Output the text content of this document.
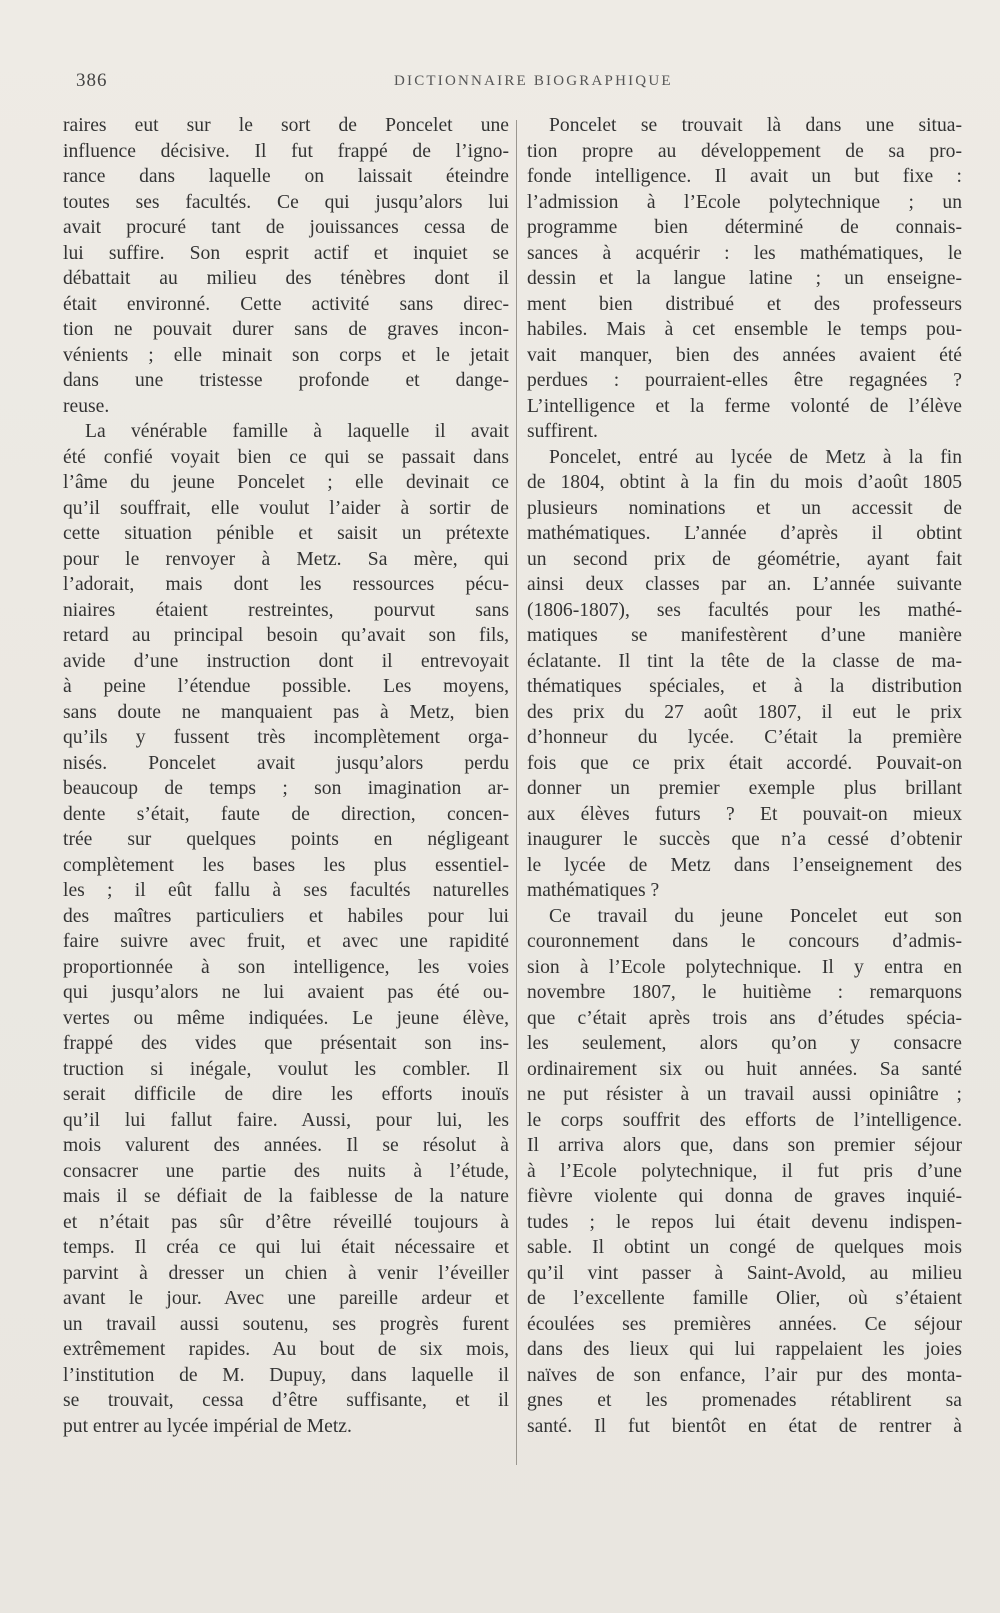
386	DICTIONNAIRE BIOGRAPHIQUE
raires eut sur le sort de Poncelet une
influence décisive. Il fut frappé de l’igno-
rance dans laquelle on laissait éteindre
toutes ses facultés. Ce qui jusqu’alors lui
avait procuré tant de jouissances cessa de
lui suffire. Son esprit actif et inquiet se
débattait au milieu des ténèbres dont il
était environné. Cette activité sans direc-
tion ne pouvait durer sans de graves incon-
vénients ; elle minait son corps et le jetait
dans une tristesse profonde et dange-
reuse.
La vénérable famille à laquelle il avait
été confié voyait bien ce qui se passait dans
l’âme du jeune Poncelet ; elle devinait ce
qu’il souffrait, elle voulut l’aider à sortir de
cette situation pénible et saisit un prétexte
pour le renvoyer à Metz. Sa mère, qui
l’adorait, mais dont les ressources pécu-
niaires étaient restreintes, pourvut sans
retard au principal besoin qu’avait son fils,
avide d’une instruction dont il entrevoyait
à peine l’étendue possible. Les moyens,
sans doute ne manquaient pas à Metz, bien
qu’ils y fussent très incomplètement orga-
nisés. Poncelet avait jusqu’alors perdu
beaucoup de temps ; son imagination ar-
dente s’était, faute de direction, concen-
trée sur quelques points en négligeant
complètement les bases les plus essentiel-
les ; il eût fallu à ses facultés naturelles
des maîtres particuliers et habiles pour lui
faire suivre avec fruit, et avec une rapidité
proportionnée à son intelligence, les voies
qui jusqu’alors ne lui avaient pas été ou-
vertes ou même indiquées. Le jeune élève,
frappé des vides que présentait son ins-
truction si inégale, voulut les combler. Il
serait difficile de dire les efforts inouïs
qu’il lui fallut faire. Aussi, pour lui, les
mois valurent des années. Il se résolut à
consacrer une partie des nuits à l’étude,
mais il se défiait de la faiblesse de la nature
et n’était pas sûr d’être réveillé toujours à
temps. Il créa ce qui lui était nécessaire et
parvint à dresser un chien à venir l’éveiller
avant le jour. Avec une pareille ardeur et
un travail aussi soutenu, ses progrès furent
extrêmement rapides. Au bout de six mois,
l’institution de M. Dupuy, dans laquelle il
se trouvait, cessa d’être suffisante, et il
put entrer au lycée impérial de Metz.
Poncelet se trouvait là dans une situa-
tion propre au développement de sa pro-
fonde intelligence. Il avait un but fixe :
l’admission à l’Ecole polytechnique ; un
programme bien déterminé de connais-
sances à acquérir : les mathématiques, le
dessin et la langue latine ; un enseigne-
ment bien distribué et des professeurs
habiles. Mais à cet ensemble le temps pou-
vait manquer, bien des années avaient été
perdues : pourraient-elles être regagnées ?
L’intelligence et la ferme volonté de l’élève
suffirent.
Poncelet, entré au lycée de Metz à la fin
de 1804, obtint à la fin du mois d’août 1805
plusieurs nominations et un accessit de
mathématiques. L’année d’après il obtint
un second prix de géométrie, ayant fait
ainsi deux classes par an. L’année suivante
(1806-1807), ses facultés pour les mathé-
matiques se manifestèrent d’une manière
éclatante. Il tint la tête de la classe de ma-
thématiques spéciales, et à la distribution
des prix du 27 août 1807, il eut le prix
d’honneur du lycée. C’était la première
fois que ce prix était accordé. Pouvait-on
donner un premier exemple plus brillant
aux élèves futurs ? Et pouvait-on mieux
inaugurer le succès que n’a cessé d’obtenir
le lycée de Metz dans l’enseignement des
mathématiques ?
Ce travail du jeune Poncelet eut son
couronnement dans le concours d’admis-
sion à l’Ecole polytechnique. Il y entra en
novembre 1807, le huitième : remarquons
que c’était après trois ans d’études spécia-
les seulement, alors qu’on y consacre
ordinairement six ou huit années. Sa santé
ne put résister à un travail aussi opiniâtre ;
le corps souffrit des efforts de l’intelligence.
Il arriva alors que, dans son premier séjour
à l’Ecole polytechnique, il fut pris d’une
fièvre violente qui donna de graves inquié-
tudes ; le repos lui était devenu indispen-
sable. Il obtint un congé de quelques mois
qu’il vint passer à Saint-Avold, au milieu
de l’excellente famille Olier, où s’étaient
écoulées ses premières années. Ce séjour
dans des lieux qui lui rappelaient les joies
naïves de son enfance, l’air pur des monta-
gnes et les promenades rétablirent sa
santé. Il fut bientôt en état de rentrer à
